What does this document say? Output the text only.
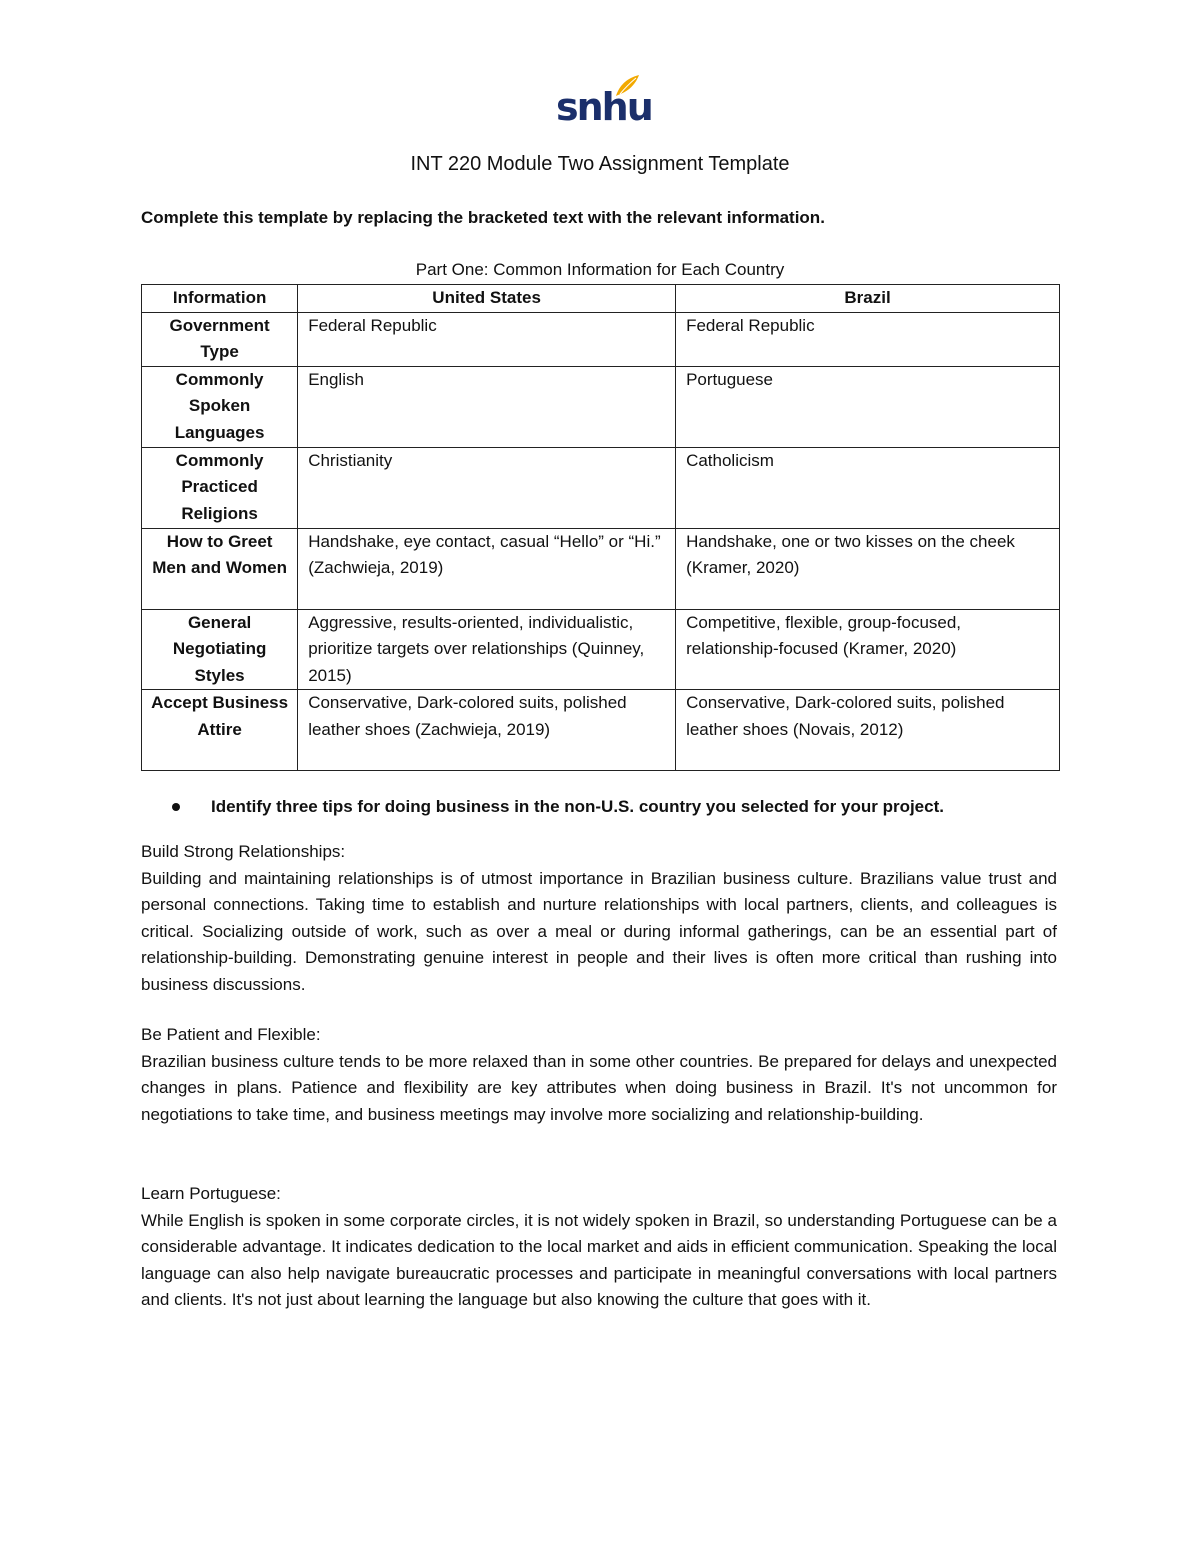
snhu
INT 220 Module Two Assignment Template
Complete this template by replacing the bracketed text with the relevant information.
Part One: Common Information for Each Country
Information	United States	Brazil
Government Type	Federal Republic	Federal Republic
Commonly Spoken Languages	English	Portuguese
Commonly Practiced Religions	Christianity	Catholicism
How to Greet Men and Women	Handshake, eye contact, casual “Hello” or “Hi.” (Zachwieja, 2019)	Handshake, one or two kisses on the cheek (Kramer, 2020)
General Negotiating Styles	Aggressive, results-oriented, individualistic, prioritize targets over relationships (Quinney, 2015)	Competitive, flexible, group-focused, relationship-focused (Kramer, 2020)
Accept Business Attire	Conservative, Dark-colored suits, polished leather shoes (Zachwieja, 2019)	Conservative, Dark-colored suits, polished leather shoes (Novais, 2012)
Identify three tips for doing business in the non-U.S. country you selected for your project.
Build Strong Relationships:
Building and maintaining relationships is of utmost importance in Brazilian business culture. Brazilians value trust and personal connections. Taking time to establish and nurture relationships with local partners, clients, and colleagues is critical. Socializing outside of work, such as over a meal or during informal gatherings, can be an essential part of relationship-building. Demonstrating genuine interest in people and their lives is often more critical than rushing into business discussions.
Be Patient and Flexible:
Brazilian business culture tends to be more relaxed than in some other countries. Be prepared for delays and unexpected changes in plans. Patience and flexibility are key attributes when doing business in Brazil. It's not uncommon for negotiations to take time, and business meetings may involve more socializing and relationship-building.
Learn Portuguese:
While English is spoken in some corporate circles, it is not widely spoken in Brazil, so understanding Portuguese can be a considerable advantage. It indicates dedication to the local market and aids in efficient communication. Speaking the local language can also help navigate bureaucratic processes and participate in meaningful conversations with local partners and clients. It's not just about learning the language but also knowing the culture that goes with it.
